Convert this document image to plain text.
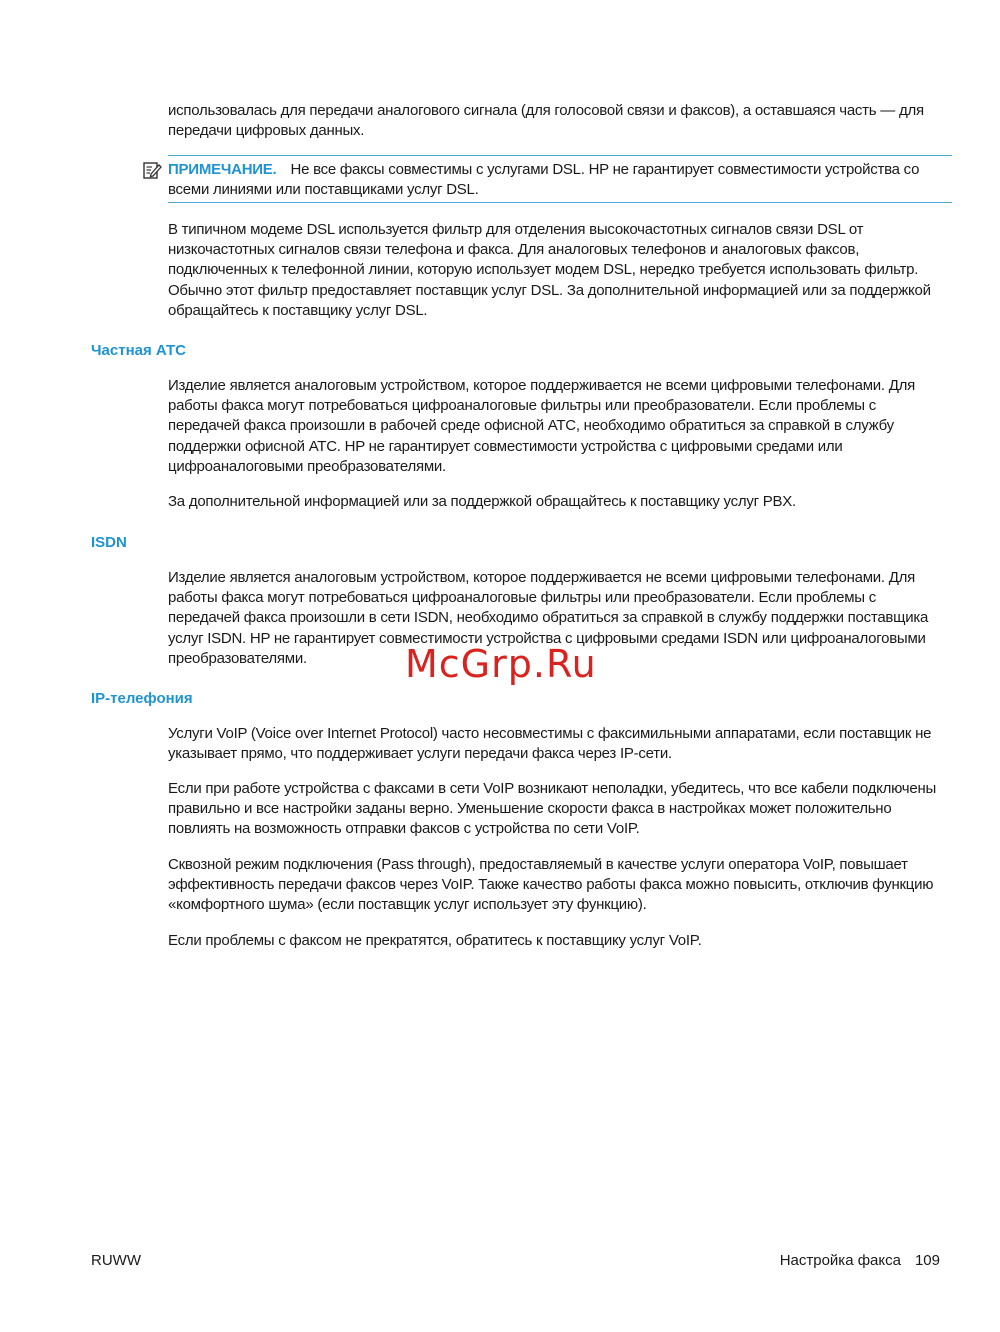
использовалась для передачи аналогового сигнала (для голосовой связи и факсов), а оставшаяся часть — для передачи цифровых данных.

ПРИМЕЧАНИЕ. Не все факсы совместимы с услугами DSL. HP не гарантирует совместимости устройства со всеми линиями или поставщиками услуг DSL.

В типичном модеме DSL используется фильтр для отделения высокочастотных сигналов связи DSL от низкочастотных сигналов связи телефона и факса. Для аналоговых телефонов и аналоговых факсов, подключенных к телефонной линии, которую использует модем DSL, нередко требуется использовать фильтр. Обычно этот фильтр предоставляет поставщик услуг DSL. За дополнительной информацией или за поддержкой обращайтесь к поставщику услуг DSL.

Частная АТС

Изделие является аналоговым устройством, которое поддерживается не всеми цифровыми телефонами. Для работы факса могут потребоваться цифроаналоговые фильтры или преобразователи. Если проблемы с передачей факса произошли в рабочей среде офисной АТС, необходимо обратиться за справкой в службу поддержки офисной АТС. HP не гарантирует совместимости устройства с цифровыми средами или цифроаналоговыми преобразователями.

За дополнительной информацией или за поддержкой обращайтесь к поставщику услуг PBX.

ISDN

Изделие является аналоговым устройством, которое поддерживается не всеми цифровыми телефонами. Для работы факса могут потребоваться цифроаналоговые фильтры или преобразователи. Если проблемы с передачей факса произошли в сети ISDN, необходимо обратиться за справкой в службу поддержки поставщика услуг ISDN. HP не гарантирует совместимости устройства с цифровыми средами ISDN или цифроаналоговыми преобразователями.

IP-телефония

Услуги VoIP (Voice over Internet Protocol) часто несовместимы с факсимильными аппаратами, если поставщик не указывает прямо, что поддерживает услуги передачи факса через IP-сети.

Если при работе устройства с факсами в сети VoIP возникают неполадки, убедитесь, что все кабели подключены правильно и все настройки заданы верно. Уменьшение скорости факса в настройках может положительно повлиять на возможность отправки факсов с устройства по сети VoIP.

Сквозной режим подключения (Pass through), предоставляемый в качестве услуги оператора VoIP, повышает эффективность передачи факсов через VoIP. Также качество работы факса можно повысить, отключив функцию «комфортного шума» (если поставщик услуг использует эту функцию).

Если проблемы с факсом не прекратятся, обратитесь к поставщику услуг VoIP.

McGrp.Ru
RUWW	Настройка факса 109
